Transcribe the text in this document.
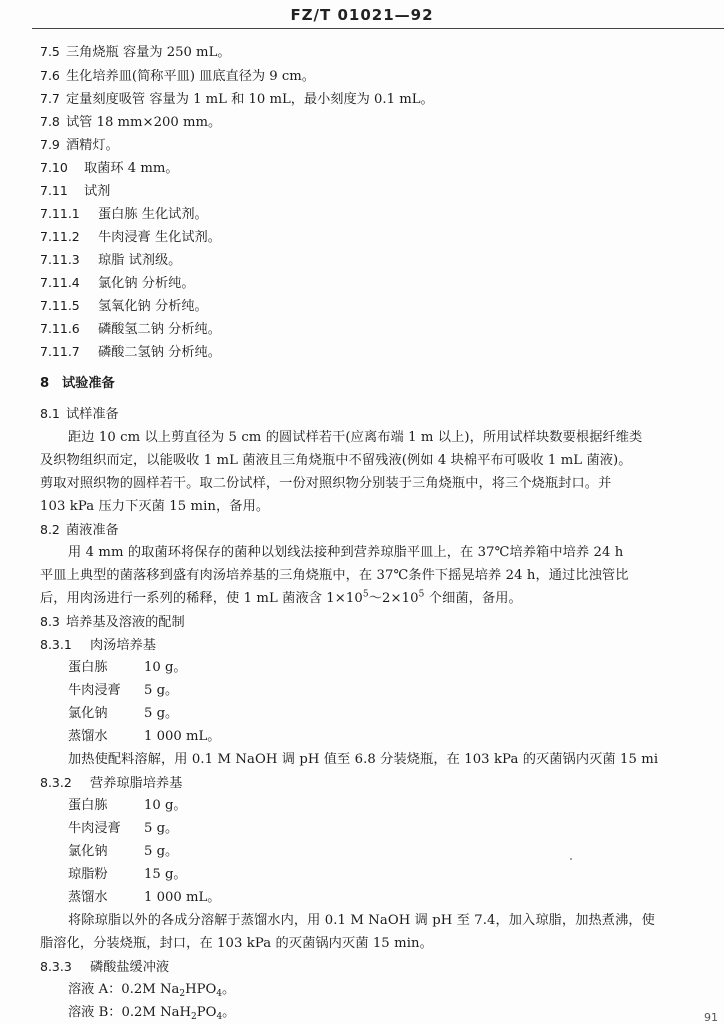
FZ/T 01021—92
7.5 三角烧瓶 容量为 250 mL。
7.6 生化培养皿(简称平皿) 皿底直径为 9 cm。
7.7 定量刻度吸管 容量为 1 mL 和 10 mL，最小刻度为 0.1 mL。
7.8 试管 18 mm×200 mm。
7.9 酒精灯。
7.10 取菌环 4 mm。
7.11 试剂
7.11.1 蛋白胨 生化试剂。
7.11.2 牛肉浸膏 生化试剂。
7.11.3 琼脂 试剂级。
7.11.4 氯化钠 分析纯。
7.11.5 氢氧化钠 分析纯。
7.11.6 磷酸氢二钠 分析纯。
7.11.7 磷酸二氢钠 分析纯。
8 试验准备
8.1 试样准备
距边 10 cm 以上剪直径为 5 cm 的圆试样若干(应离布端 1 m 以上)，所用试样块数要根据纤维类
及织物组织而定，以能吸收 1 mL 菌液且三角烧瓶中不留残液(例如 4 块棉平布可吸收 1 mL 菌液)。
剪取对照织物的圆样若干。取二份试样，一份对照织物分别装于三角烧瓶中，将三个烧瓶封口。并
103 kPa 压力下灭菌 15 min，备用。
8.2 菌液准备
用 4 mm 的取菌环将保存的菌种以划线法接种到营养琼脂平皿上，在 37℃培养箱中培养 24 h
平皿上典型的菌落移到盛有肉汤培养基的三角烧瓶中，在 37℃条件下摇晃培养 24 h，通过比浊管比
后，用肉汤进行一系列的稀释，使 1 mL 菌液含 $1\times 10^5\sim 2\times 10^5$ 个细菌，备用。
8.3 培养基及溶液的配制
8.3.1 肉汤培养基
蛋白胨	10 g。
牛肉浸膏 5 g。
氯化钠	5 g。
蒸馏水	1 000 mL。
加热使配料溶解，用 0.1 M NaOH 调 pH 值至 6.8 分装烧瓶，在 103 kPa 的灭菌锅内灭菌 15 mi
8.3.2 营养琼脂培养基
蛋白胨	10 g。
牛肉浸膏 5 g。
氯化钠	5 g。
琼脂粉	15 g。
蒸馏水	1 000 mL。
将除琼脂以外的各成分溶解于蒸馏水内，用 0.1 M NaOH 调 pH 至 7.4，加入琼脂，加热煮沸，使
脂溶化，分装烧瓶，封口，在 103 kPa 的灭菌锅内灭菌 15 min。
8.3.3 磷酸盐缓冲液
溶液 A：0.2M $Na_2HPO_4$。
溶液 B：0.2M $NaH_2PO_4$。	91
